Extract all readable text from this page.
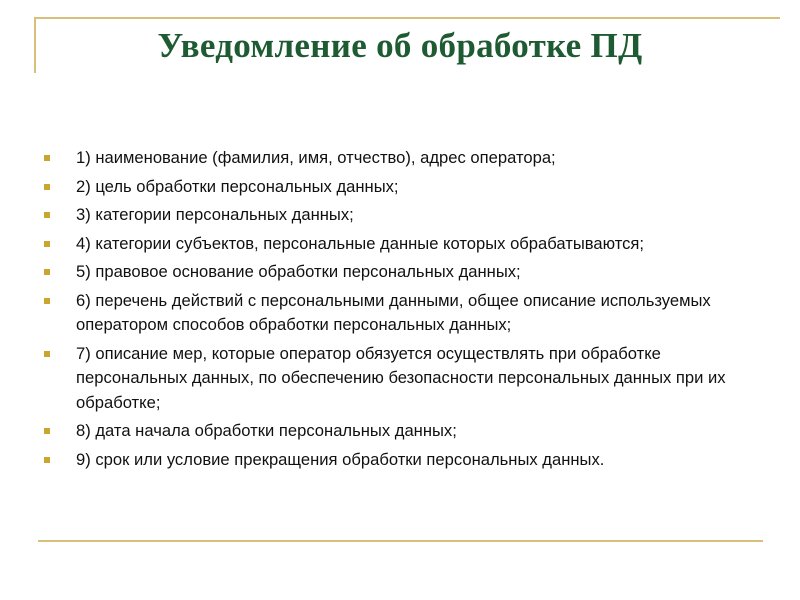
Уведомление об обработке ПД
1) наименование (фамилия, имя, отчество), адрес оператора;
2) цель обработки персональных данных;
3) категории персональных данных;
4) категории субъектов, персональные данные которых обрабатываются;
5) правовое основание обработки персональных данных;
6) перечень действий с персональными данными, общее описание используемых оператором способов обработки персональных данных;
7) описание мер, которые оператор обязуется осуществлять при обработке персональных данных, по обеспечению безопасности персональных данных при их обработке;
8) дата начала обработки персональных данных;
9) срок или условие прекращения обработки персональных данных.
